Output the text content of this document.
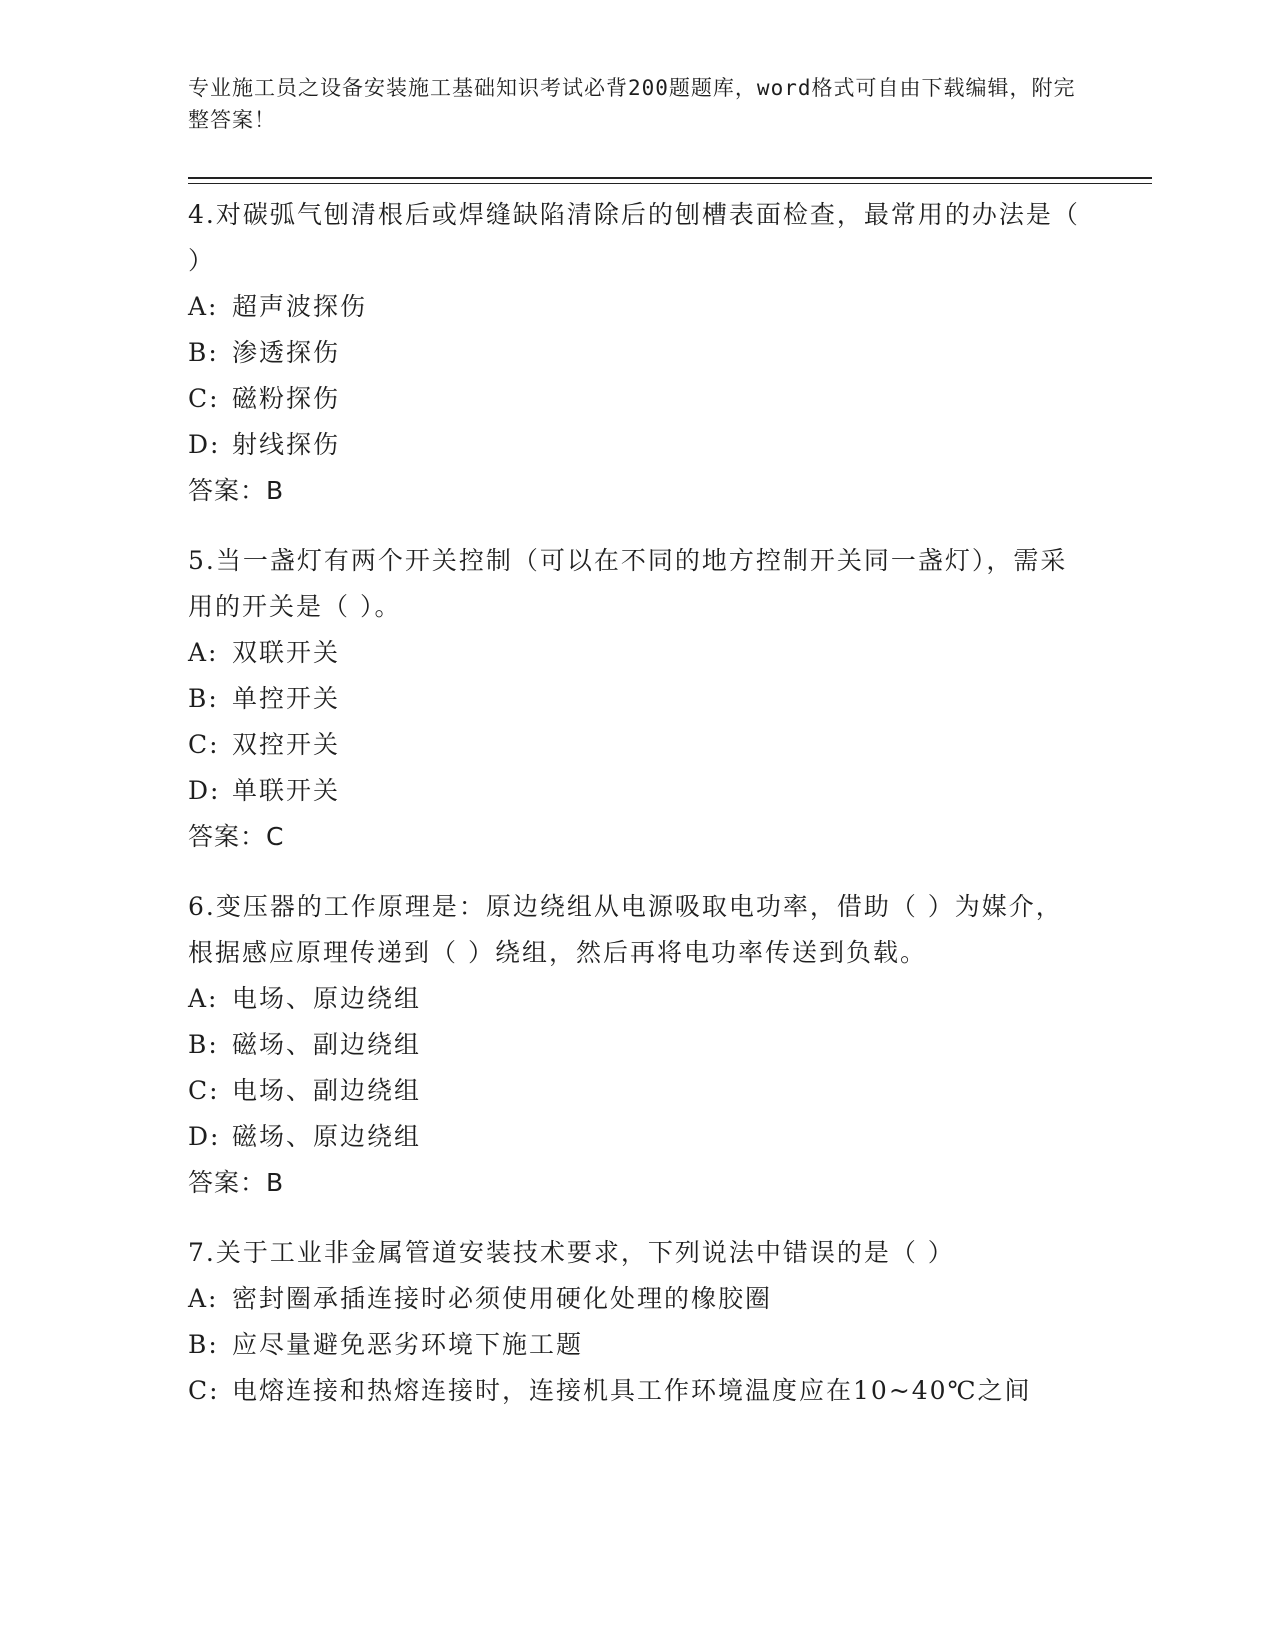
专业施工员之设备安装施工基础知识考试必背200题题库，word格式可自由下载编辑，附完整答案！

4.对碳弧气刨清根后或焊缝缺陷清除后的刨槽表面检查，最常用的办法是（ ）

A: 超声波探伤

B: 渗透探伤

C: 磁粉探伤

D: 射线探伤

答案：B

5.当一盏灯有两个开关控制（可以在不同的地方控制开关同一盏灯），需采用的开关是（ ）。

A: 双联开关

B: 单控开关

C: 双控开关

D: 单联开关

答案：C

6.变压器的工作原理是：原边绕组从电源吸取电功率，借助（ ）为媒介，根据感应原理传递到（ ）绕组，然后再将电功率传送到负载。

A: 电场、原边绕组

B: 磁场、副边绕组

C: 电场、副边绕组

D: 磁场、原边绕组

答案：B

7.关于工业非金属管道安装技术要求，下列说法中错误的是（ ）

A: 密封圈承插连接时必须使用硬化处理的橡胶圈

B: 应尽量避免恶劣环境下施工题

C: 电熔连接和热熔连接时，连接机具工作环境温度应在10~40℃之间
